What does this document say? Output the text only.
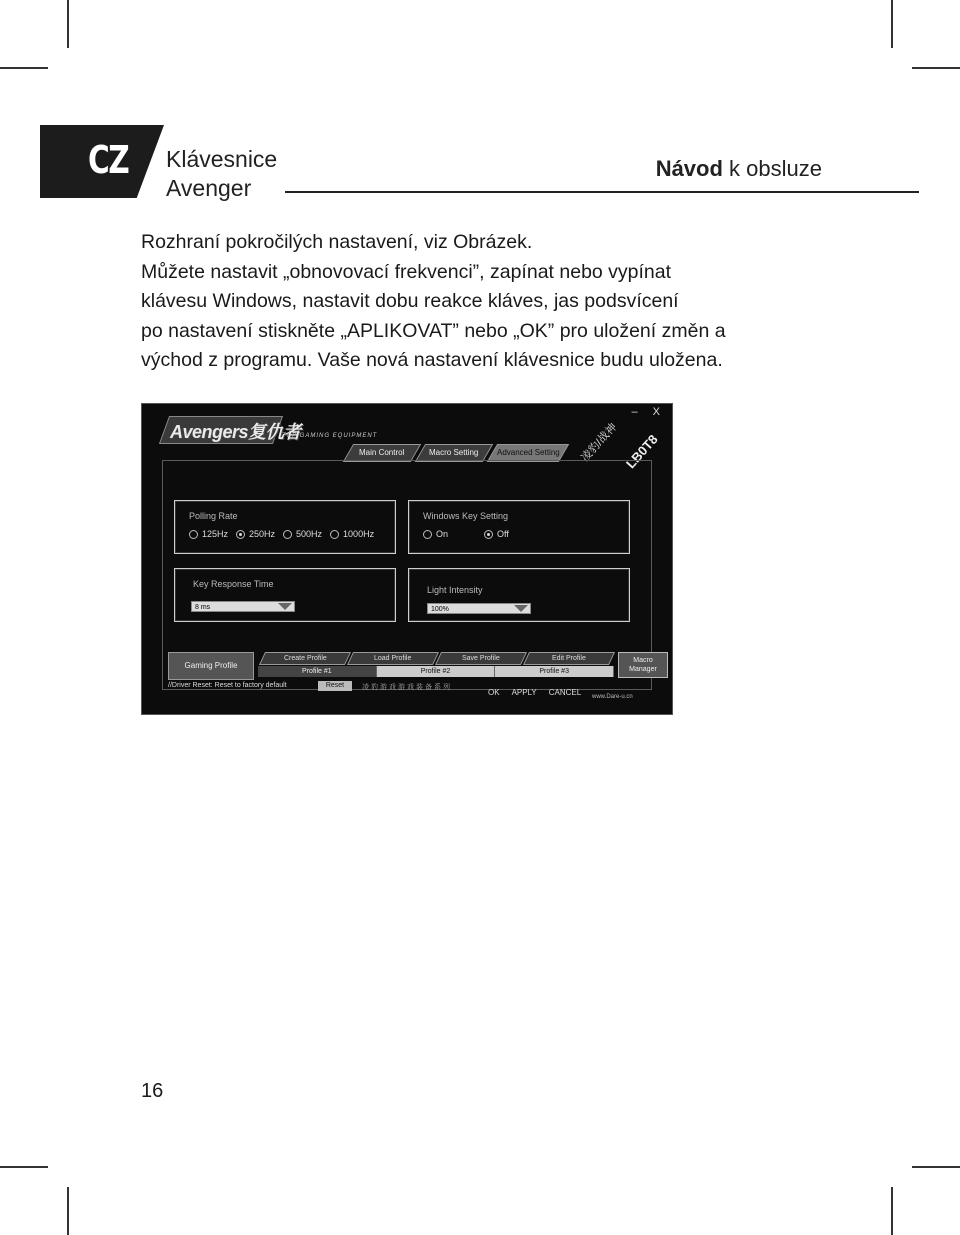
CZ Klávesnice
Avenger
Návod k obsluze

Rozhraní pokročilých nastavení, viz Obrázek.

Můžete nastavit „obnovovací frekvenci”, zapínat nebo vypínat

klávesu Windows, nastavit dobu reakce kláves, jas podsvícení

po nastavení stiskněte „APLIKOVAT” nebo „OK” pro uložení změn a

východ z programu. Vaše nová nastavení klávesnice budu uložena.

Avengers复仇者
TOP GAMING EQUIPMENT
– X
LB0T8
凌豹/战神
Main Control	Macro Setting	Advanced Setting
Polling Rate
125Hz 250Hz 500Hz 1000Hz
Windows Key Setting
On	Off
Key Response Time
8 ms
Light Intensity
100%
Gaming Profile
Create Profile	Load Profile	Save Profile	Edit Profile
Profile #1	Profile #2	Profile #3
Macro
Manager
//Driver Reset: Reset to factory default	Reset	凌豹游戏游戏装备系列
OK APPLY CANCEL www.Dare-u.cn
16
